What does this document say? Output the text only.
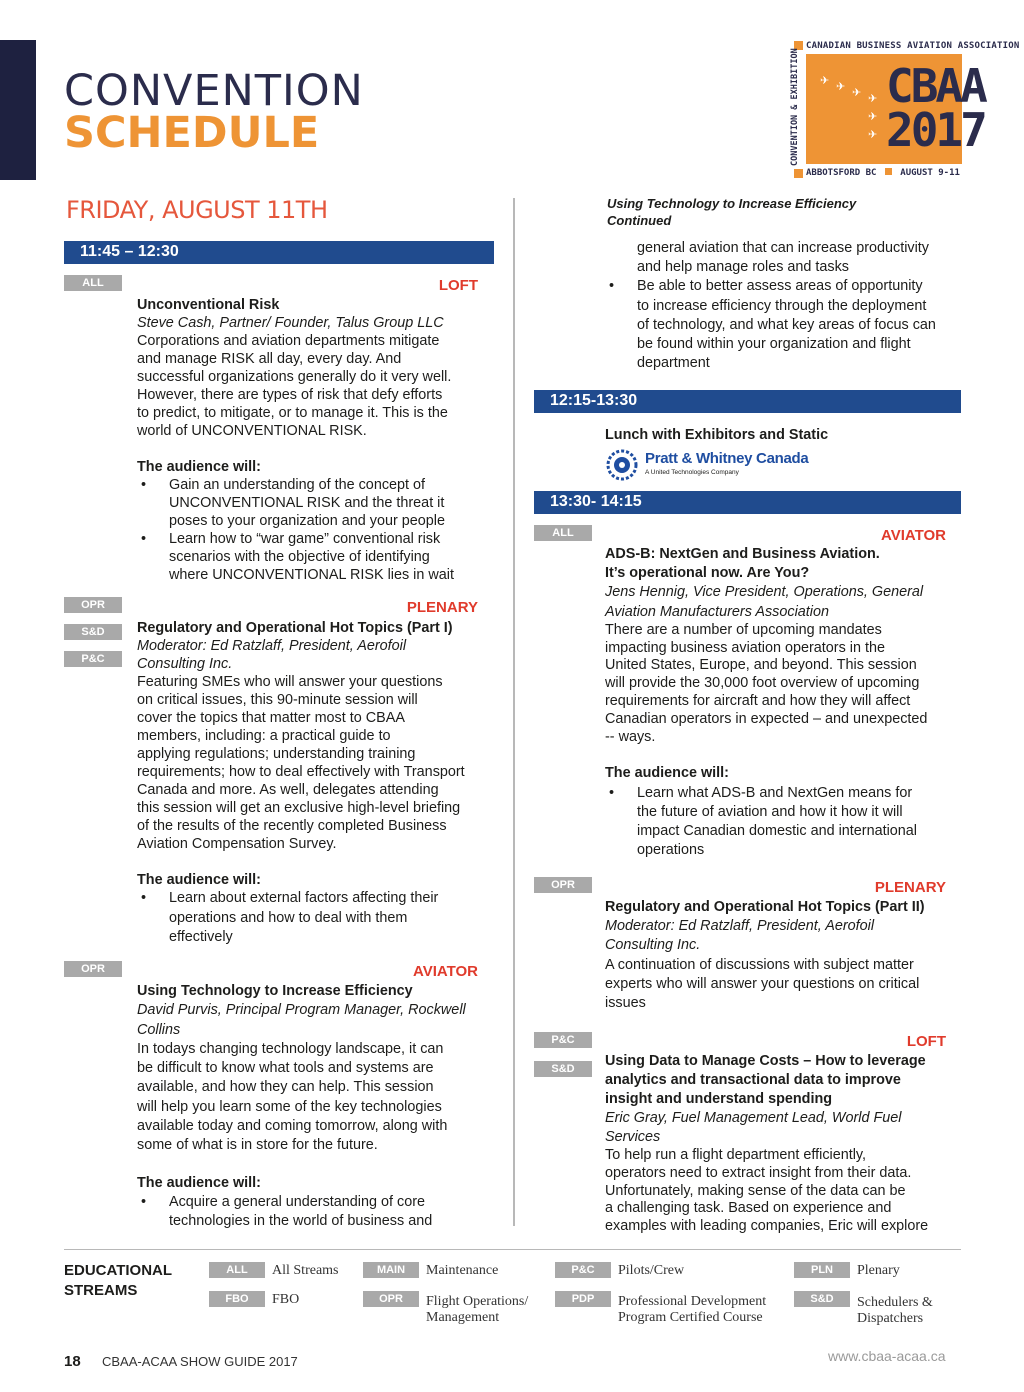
CONVENTION
SCHEDULE
CANADIAN BUSINESS AVIATION ASSOCIATION
CONVENTION & EXHIBITION ✈ ✈ ✈ ✈
✈
✈
CBAA
2017
ABBOTSFORD BC	AUGUST 9-11
FRIDAY, AUGUST 11TH
11:45 – 12:30
ALL	LOFT
Unconventional Risk
Steve Cash, Partner/ Founder, Talus Group LLC
Corporations and aviation departments mitigate
and manage RISK all day, every day. And
successful organizations generally do it very well.
However, there are types of risk that defy efforts
to predict, to mitigate, or to manage it. This is the
world of UNCONVENTIONAL RISK.
The audience will:
• Gain an understanding of the concept of
UNCONVENTIONAL RISK and the threat it
poses to your organization and your people
• Learn how to “war game” conventional risk
scenarios with the objective of identifying
where UNCONVENTIONAL RISK lies in wait
OPR
S&D
P&C
PLENARY
Regulatory and Operational Hot Topics (Part I)
Moderator: Ed Ratzlaff, President, Aerofoil
Consulting Inc.
Featuring SMEs who will answer your questions
on critical issues, this 90-minute session will
cover the topics that matter most to CBAA
members, including: a practical guide to
applying regulations; understanding training
requirements; how to deal effectively with Transport
Canada and more. As well, delegates attending
this session will get an exclusive high-level briefing
of the results of the recently completed Business
Aviation Compensation Survey.
The audience will:
• Learn about external factors affecting their
operations and how to deal with them
effectively
OPR	AVIATOR
Using Technology to Increase Efficiency
David Purvis, Principal Program Manager, Rockwell
Collins
In todays changing technology landscape, it can
be difficult to know what tools and systems are
available, and how they can help. This session
will help you learn some of the key technologies
available today and coming tomorrow, along with
some of what is in store for the future.
The audience will:
• Acquire a general understanding of core
technologies in the world of business and
Using Technology to Increase Efficiency
Continued
general aviation that can increase productivity
and help manage roles and tasks
• Be able to better assess areas of opportunity
to increase efficiency through the deployment
of technology, and what key areas of focus can
be found within your organization and flight
department
12:15-13:30
Lunch with Exhibitors and Static
Pratt & Whitney Canada
A United Technologies Company
13:30- 14:15
ALL	AVIATOR
ADS-B: NextGen and Business Aviation.
It’s operational now. Are You?
Jens Hennig, Vice President, Operations, General
Aviation Manufacturers Association
There are a number of upcoming mandates
impacting business aviation operators in the
United States, Europe, and beyond. This session
will provide the 30,000 foot overview of upcoming
requirements for aircraft and how they will affect
Canadian operators in expected – and unexpected
-- ways.
The audience will:
• Learn what ADS-B and NextGen means for
the future of aviation and how it how it will
impact Canadian domestic and international
operations
OPR	PLENARY
Regulatory and Operational Hot Topics (Part II)
Moderator: Ed Ratzlaff, President, Aerofoil
Consulting Inc.
A continuation of discussions with subject matter
experts who will answer your questions on critical
issues
P&C
S&D
LOFT
Using Data to Manage Costs – How to leverage
analytics and transactional data to improve
insight and understand spending
Eric Gray, Fuel Management Lead, World Fuel
Services
To help run a flight department efficiently,
operators need to extract insight from their data.
Unfortunately, making sense of the data can be
a challenging task. Based on experience and
examples with leading companies, Eric will explore
EDUCATIONAL
STREAMS
ALL	All Streams
FBO	FBO
MAIN	Maintenance
OPR	Flight Operations/
Management
P&C	Pilots/Crew
PDP	Professional Development
Program Certified Course
PLN	Plenary
S&D	Schedulers &
Dispatchers
18 CBAA-ACAA SHOW GUIDE 2017	www.cbaa-acaa.ca
